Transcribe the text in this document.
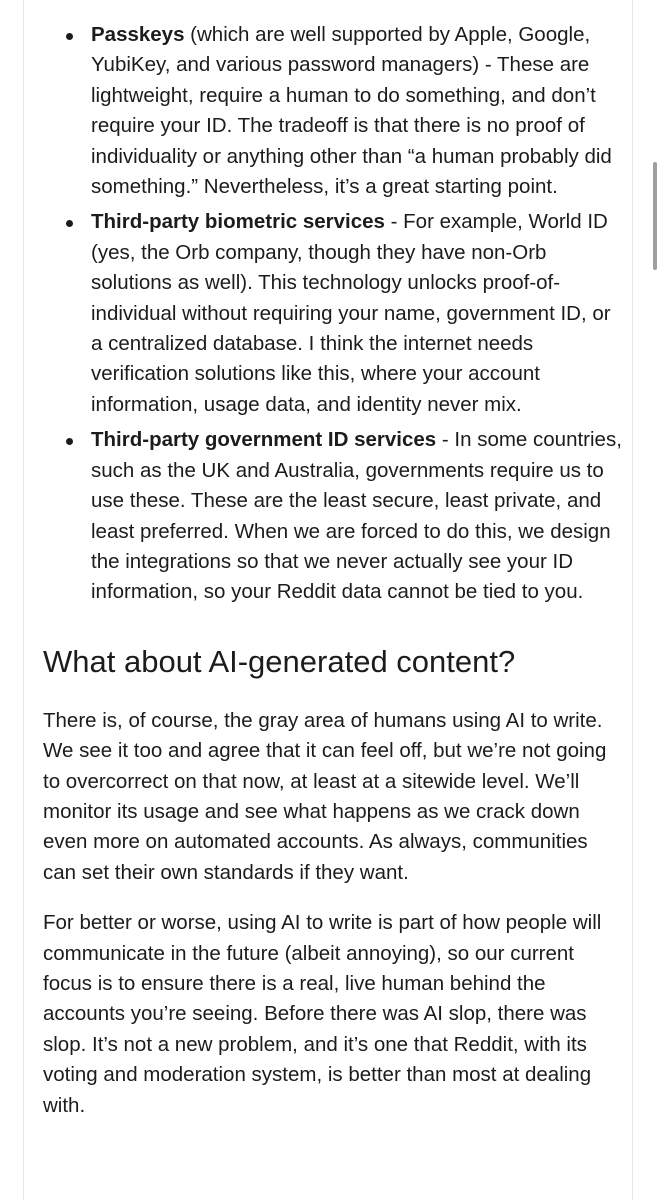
Passkeys (which are well supported by Apple, Google, YubiKey, and various password managers) - These are lightweight, require a human to do something, and don’t require your ID. The tradeoff is that there is no proof of individuality or anything other than “a human probably did something.” Nevertheless, it’s a great starting point.
Third-party biometric services - For example, World ID (yes, the Orb company, though they have non-Orb solutions as well). This technology unlocks proof-of-individual without requiring your name, government ID, or a centralized database. I think the internet needs verification solutions like this, where your account information, usage data, and identity never mix.
Third-party government ID services - In some countries, such as the UK and Australia, governments require us to use these. These are the least secure, least private, and least preferred. When we are forced to do this, we design the integrations so that we never actually see your ID information, so your Reddit data cannot be tied to you.
What about AI-generated content?

There is, of course, the gray area of humans using AI to write. We see it too and agree that it can feel off, but we’re not going to overcorrect on that now, at least at a sitewide level. We’ll monitor its usage and see what happens as we crack down even more on automated accounts. As always, communities can set their own standards if they want.

For better or worse, using AI to write is part of how people will communicate in the future (albeit annoying), so our current focus is to ensure there is a real, live human behind the accounts you’re seeing. Before there was AI slop, there was slop. It’s not a new problem, and it’s one that Reddit, with its voting and moderation system, is better than most at dealing with.
